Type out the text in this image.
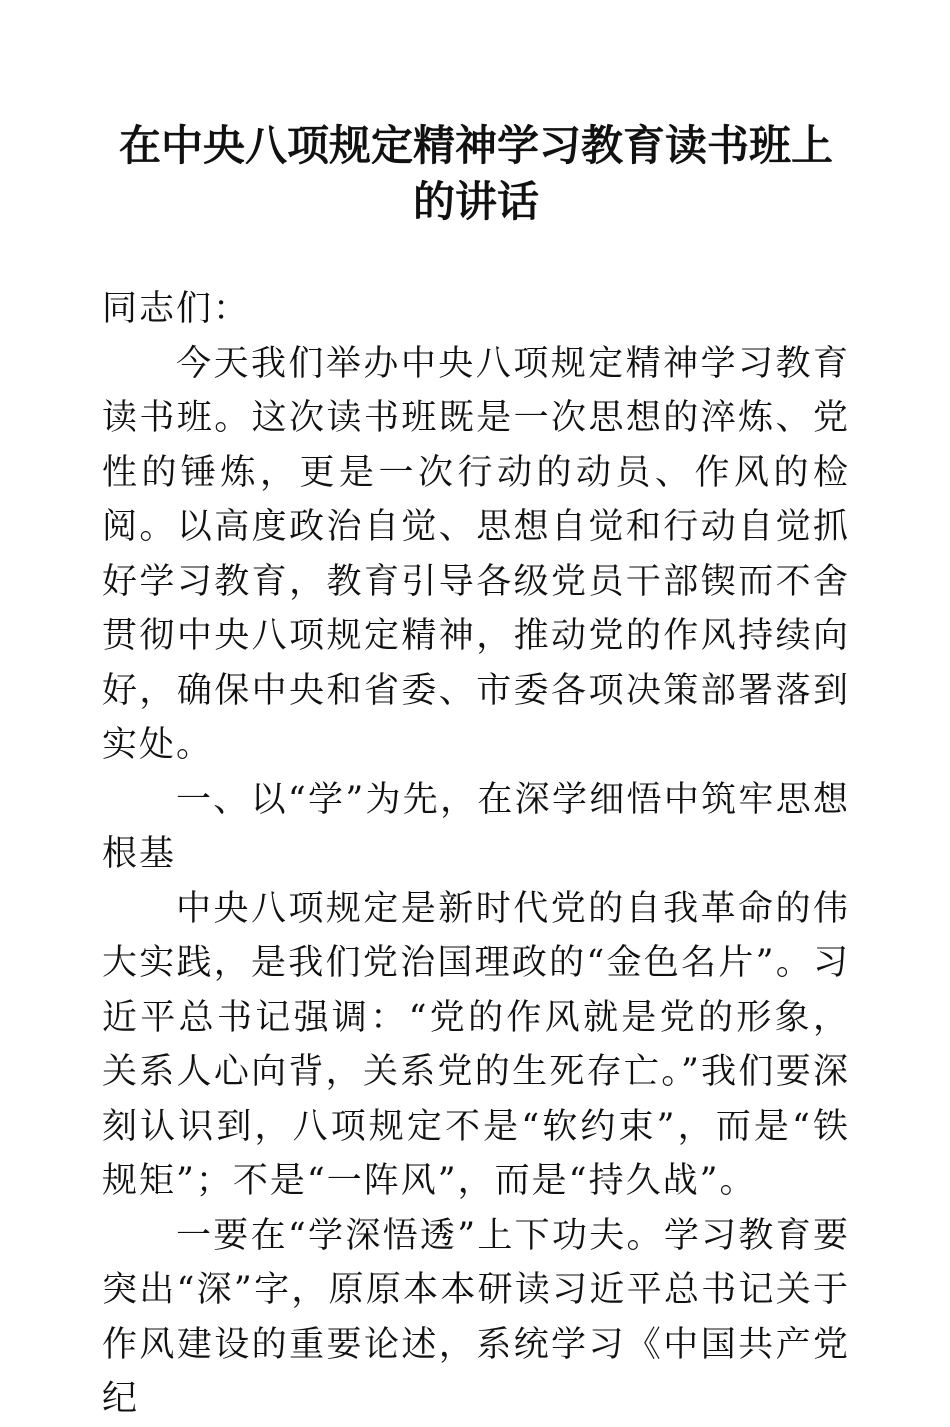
在中央八项规定精神学习教育读书班上的讲话

同志们：

今天我们举办中央八项规定精神学习教育读书班。这次读书班既是一次思想的淬炼、党性的锤炼，更是一次行动的动员、作风的检阅。以高度政治自觉、思想自觉和行动自觉抓好学习教育，教育引导各级党员干部锲而不舍贯彻中央八项规定精神，推动党的作风持续向好，确保中央和省委、市委各项决策部署落到实处。

一、以“学”为先，在深学细悟中筑牢思想根基

中央八项规定是新时代党的自我革命的伟大实践，是我们党治国理政的“金色名片”。习近平总书记强调：“党的作风就是党的形象，关系人心向背，关系党的生死存亡。”我们要深刻认识到，八项规定不是“软约束”，而是“铁规矩”；不是“一阵风”，而是“持久战”。

一要在“学深悟透”上下功夫。学习教育要突出“深”字，原原本本研读习近平总书记关于作风建设的重要论述，系统学习《中国共产党纪
